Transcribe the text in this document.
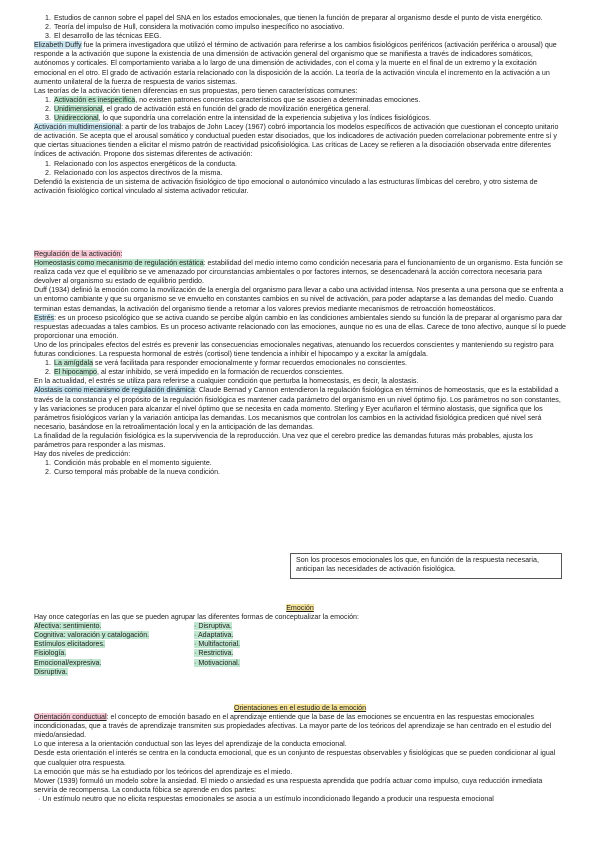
1. Estudios de cannon sobre el papel del SNA en los estados emocionales, que tienen la función de preparar al organismo desde el punto de vista energético.
2. Teoría del impulso de Hull, considera la motivación como impulso inespecífico no asociativo.
3. El desarrollo de las técnicas EEG.

Elizabeth Duffy fue la primera investigadora que utilizó el término de activación para referirse a los cambios fisiológicos periféricos (activación periférica o arousal) que responde a la activación que supone la existencia de una dimensión de activación general del organismo que se manifiesta a través de indicadores somáticos, autónomos y corticales. El comportamiento variaba a lo largo de una dimensión de actividades, con el coma y la muerte en el final de un extremo y la excitación emocional en el otro. El grado de activación estaría relacionado con la disposición de la acción. La teoría de la activación vincula el incremento en la activación a un aumento unilateral de la fuerza de respuesta de varios sistemas.

Las teorías de la activación tienen diferencias en sus propuestas, pero tienen características comunes:

1. Activación es inespecífica, no existen patrones concretos característicos que se asocien a determinadas emociones.
2. Unidimensional, el grado de activación está en función del grado de movilización energética general.
3. Unidireccional, lo que supondría una correlación entre la intensidad de la experiencia subjetiva y los índices fisiológicos.

Activación multidimensional: a partir de los trabajos de John Lacey (1967) cobró importancia los modelos específicos de activación que cuestionan el concepto unitario de activación. Se acepta que el arousal somático y conductual pueden estar disociados, que los indicadores de activación pueden correlacionar pobremente entre sí y que ciertas situaciones tienden a elicitar el mismo patrón de reactividad psicofisiológica. Las críticas de Lacey se refieren a la disociación observada entre diferentes índices de activación. Propone dos sistemas diferentes de activación:

1. Relacionado con los aspectos energéticos de la conducta.
2. Relacionado con los aspectos directivos de la misma.

Defendió la existencia de un sistema de activación fisiológico de tipo emocional o autonómico vinculado a las estructuras límbicas del cerebro, y otro sistema de activación fisiológico cortical vinculado al sistema activador reticular.

Regulación de la activación:

Homeostasis como mecanismo de regulación estática: estabilidad del medio interno como condición necesaria para el funcionamiento de un organismo. Esta función se realiza cada vez que el equilibrio se ve amenazado por circunstancias ambientales o por factores internos, se desencadenará la acción correctora necesaria para devolver al organismo su estado de equilibrio perdido.

Duff (1934) definió la emoción como la movilización de la energía del organismo para llevar a cabo una actividad intensa. Nos presenta a una persona que se enfrenta a un entorno cambiante y que su organismo se ve envuelto en constantes cambios en su nivel de activación, para poder adaptarse a las demandas del medio. Cuando terminan estas demandas, la activación del organismo tiende a retornar a los valores previos mediante mecanismos de retroacción homeostáticos.

Estrés: es un proceso psicológico que se activa cuando se percibe algún cambio en las condiciones ambientales siendo su función la de preparar al organismo para dar respuestas adecuadas a tales cambios. Es un proceso activante relacionado con las emociones, aunque no es una de ellas. Carece de tono afectivo, aunque sí lo puede proporcionar una emoción.

Uno de los principales efectos del estrés es prevenir las consecuencias emocionales negativas, atenuando los recuerdos conscientes y manteniendo su registro para futuras condiciones. La respuesta hormonal de estrés (cortisol) tiene tendencia a inhibir el hipocampo y a excitar la amígdala.

1. La amígdala se verá facilitada para responder emocionalmente y formar recuerdos emocionales no conscientes.
2. El hipocampo, al estar inhibido, se verá impedido en la formación de recuerdos conscientes.

En la actualidad, el estrés se utiliza para referirse a cualquier condición que perturba la homeostasis, es decir, la alostasis.

Alostasis como mecanismo de regulación dinámica: Claude Bernad y Cannon entendieron la regulación fisiológica en términos de homeostasis, que es la estabilidad a través de la constancia y el propósito de la regulación fisiológica es mantener cada parámetro del organismo en un nivel óptimo fijo. Los parámetros no son constantes, y las variaciones se producen para alcanzar el nivel óptimo que se necesita en cada momento. Sterling y Eyer acuñaron el término alostasis, que significa que los parámetros fisiológicos varían y la variación anticipa las demandas. Los mecanismos que controlan los cambios en la actividad fisiológica predicen qué nivel será necesario, basándose en la retroalimentación local y en la anticipación de las demandas.

La finalidad de la regulación fisiológica es la supervivencia de la reproducción. Una vez que el cerebro predice las demandas futuras más probables, ajusta los parámetros para responder a las mismas.

Hay dos niveles de predicción:

1. Condición más probable en el momento siguiente.
2. Curso temporal más probable de la nueva condición.
Son los procesos emocionales los que, en función de la respuesta necesaria, anticipan las necesidades de activación fisiológica.

Emoción

Hay once categorías en las que se pueden agrupar las diferentes formas de conceptualizar la emoción:

Afectiva: sentimiento.
Cognitiva: valoración y catalogación.
Estímulos elicitadores.
Fisiología.
Emocional/expresiva.
Disruptiva.
· Disruptiva.
· Adaptativa.
· Multifactorial.
· Restrictiva.
· Motivacional.

Orientaciones en el estudio de la emoción

Orientación conductual: el concepto de emoción basado en el aprendizaje entiende que la base de las emociones se encuentra en las respuestas emocionales incondicionadas, que a través de aprendizaje transmiten sus propiedades afectivas. La mayor parte de los teóricos del aprendizaje se han centrado en el estudio del miedo/ansiedad.

Lo que interesa a la orientación conductual son las leyes del aprendizaje de la conducta emocional.

Desde esta orientación el interés se centra en la conducta emocional, que es un conjunto de respuestas observables y fisiológicas que se pueden condicionar al igual que cualquier otra respuesta.

La emoción que más se ha estudiado por los teóricos del aprendizaje es el miedo.

Mower (1939) formuló un modelo sobre la ansiedad. El miedo o ansiedad es una respuesta aprendida que podría actuar como impulso, cuya reducción inmediata serviría de recompensa. La conducta fóbica se aprende en dos partes:

· Un estímulo neutro que no elicita respuestas emocionales se asocia a un estímulo incondicionado llegando a producir una respuesta emocional
